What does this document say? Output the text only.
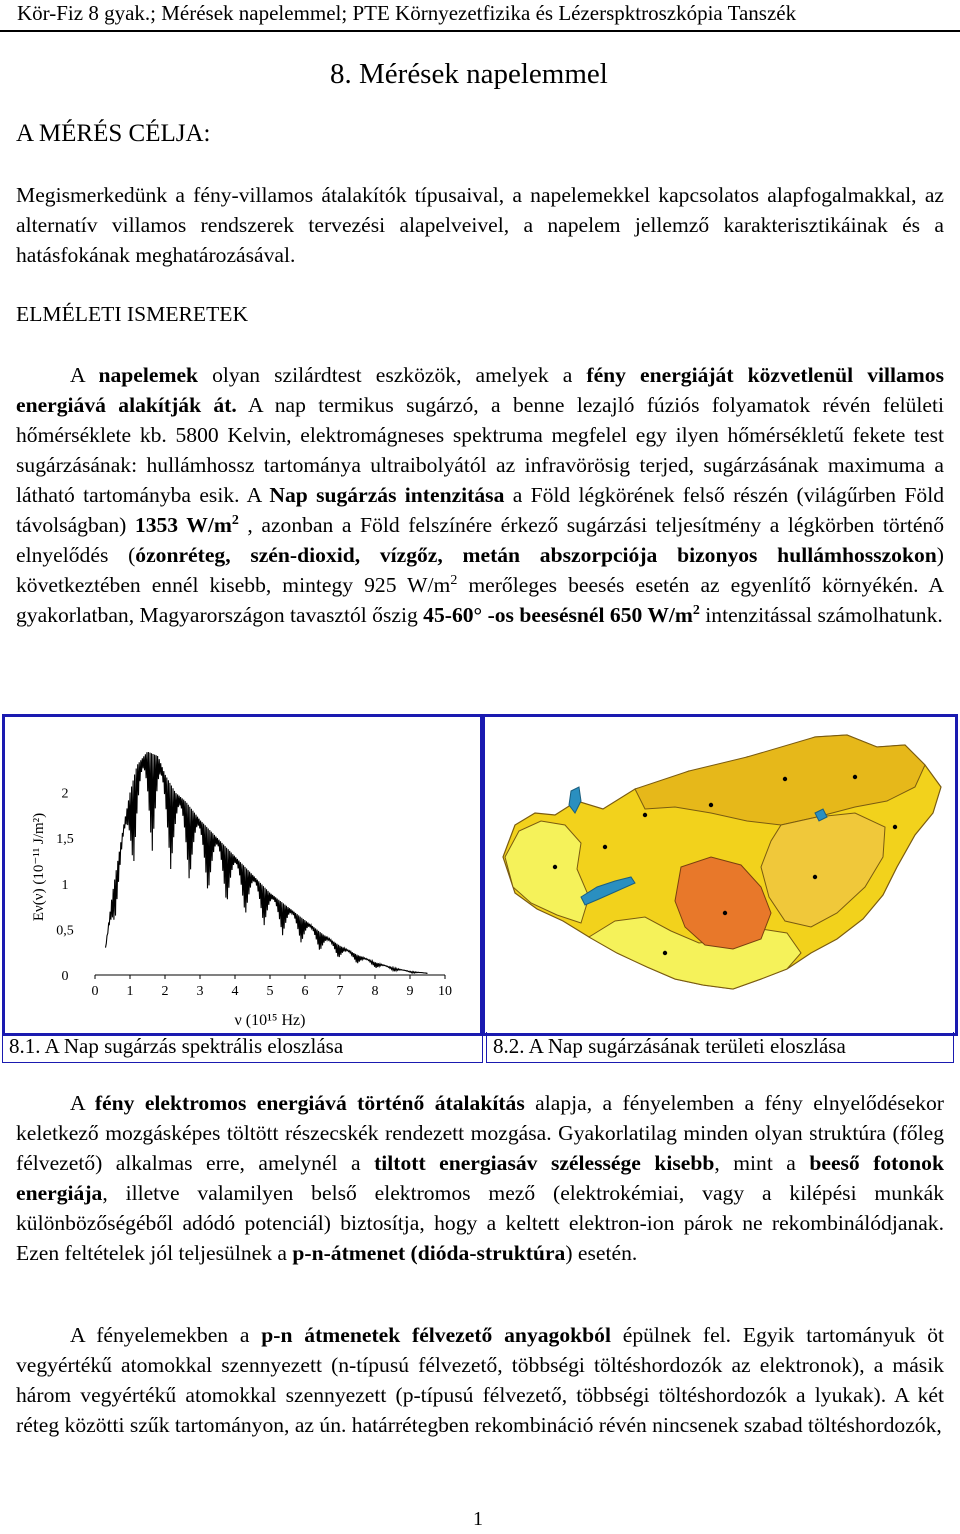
Kör-Fiz 8 gyak.; Mérések napelemmel; PTE Környezetfizika és Lézerspktroszkópia Tanszék
8. Mérések napelemmel
A MÉRÉS CÉLJA:
Megismerkedünk a fény-villamos átalakítók típusaival, a napelemekkel kapcsolatos alapfogalmakkal, az alternatív villamos rendszerek tervezési alapelveivel, a napelem jellemző karakterisztikáinak és a hatásfokának meghatározásával.
ELMÉLETI ISMERETEK
A napelemek olyan szilárdtest eszközök, amelyek a fény energiáját közvetlenül villamos energiává alakítják át. A nap termikus sugárzó, a benne lezajló fúziós folyamatok révén felületi hőmérséklete kb. 5800 Kelvin, elektromágneses spektruma megfelel egy ilyen hőmérsékletű fekete test sugárzásának: hullámhossz tartománya ultraibolyától az infravörösig terjed, sugárzásának maximuma a látható tartományba esik. A Nap sugárzás intenzitása a Föld légkörének felső részén (világűrben Föld távolságban) 1353 $W/m^2$ , azonban a Föld felszínére érkező sugárzási teljesítmény a légkörben történő elnyelődés (ózonréteg, szén-dioxid, vízgőz, metán abszorpciója bizonyos hullámhosszokon) következtében ennél kisebb, mintegy 925 $W/m^2$ merőleges beesés esetén az egyenlítő környékén. A gyakorlatban, Magyarországon tavasztól őszig 45-60° -os beesésnél 650 $W/m^2$ intenzitással számolhatunk.
0 1 2 3 4 5 6 7 8 9 10
0
0,5
1
1,5
2
Eν(ν) (10⁻¹¹ J/m²)
ν (10¹⁵ Hz)
8.1. A Nap sugárzás spektrális eloszlása	8.2. A Nap sugárzásának területi eloszlása
A fény elektromos energiává történő átalakítás alapja, a fényelemben a fény elnyelődésekor keletkező mozgásképes töltött részecskék rendezett mozgása. Gyakorlatilag minden olyan struktúra (főleg félvezető) alkalmas erre, amelynél a tiltott energiasáv szélessége kisebb, mint a beeső fotonok energiája, illetve valamilyen belső elektromos mező (elektrokémiai, vagy a kilépési munkák különbözőségéből adódó potenciál) biztosítja, hogy a keltett elektron-ion párok ne rekombinálódjanak. Ezen feltételek jól teljesülnek a p-n-átmenet (dióda-struktúra) esetén.
A fényelemekben a p-n átmenetek félvezető anyagokból épülnek fel. Egyik tartományuk öt vegyértékű atomokkal szennyezett (n-típusú félvezető, többségi töltéshordozók az elektronok), a másik három vegyértékű atomokkal szennyezett (p-típusú félvezető, többségi töltéshordozók a lyukak). A két réteg közötti szűk tartományon, az ún. határrétegben rekombináció révén nincsenek szabad töltéshordozók,
1
